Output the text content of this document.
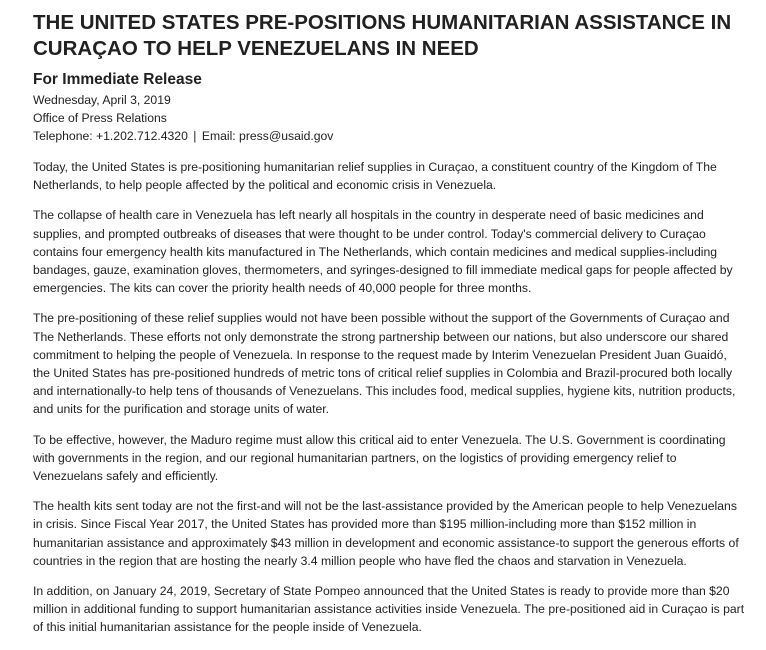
THE UNITED STATES PRE-POSITIONS HUMANITARIAN ASSISTANCE IN CURAÇAO TO HELP VENEZUELANS IN NEED
For Immediate Release

Wednesday, April 3, 2019

Office of Press Relations

Telephone: +1.202.712.4320 | Email: press@usaid.gov

Today, the United States is pre-positioning humanitarian relief supplies in Curaçao, a constituent country of the Kingdom of The Netherlands, to help people affected by the political and economic crisis in Venezuela.

The collapse of health care in Venezuela has left nearly all hospitals in the country in desperate need of basic medicines and supplies, and prompted outbreaks of diseases that were thought to be under control. Today's commercial delivery to Curaçao contains four emergency health kits manufactured in The Netherlands, which contain medicines and medical supplies-including bandages, gauze, examination gloves, thermometers, and syringes-designed to fill immediate medical gaps for people affected by emergencies. The kits can cover the priority health needs of 40,000 people for three months.

The pre-positioning of these relief supplies would not have been possible without the support of the Governments of Curaçao and The Netherlands. These efforts not only demonstrate the strong partnership between our nations, but also underscore our shared commitment to helping the people of Venezuela. In response to the request made by Interim Venezuelan President Juan Guaidó, the United States has pre-positioned hundreds of metric tons of critical relief supplies in Colombia and Brazil-procured both locally and internationally-to help tens of thousands of Venezuelans. This includes food, medical supplies, hygiene kits, nutrition products, and units for the purification and storage units of water.

To be effective, however, the Maduro regime must allow this critical aid to enter Venezuela. The U.S. Government is coordinating with governments in the region, and our regional humanitarian partners, on the logistics of providing emergency relief to Venezuelans safely and efficiently.

The health kits sent today are not the first-and will not be the last-assistance provided by the American people to help Venezuelans in crisis. Since Fiscal Year 2017, the United States has provided more than $195 million-including more than $152 million in humanitarian assistance and approximately $43 million in development and economic assistance-to support the generous efforts of countries in the region that are hosting the nearly 3.4 million people who have fled the chaos and starvation in Venezuela.

In addition, on January 24, 2019, Secretary of State Pompeo announced that the United States is ready to provide more than $20 million in additional funding to support humanitarian assistance activities inside Venezuela. The pre-positioned aid in Curaçao is part of this initial humanitarian assistance for the people inside of Venezuela.
